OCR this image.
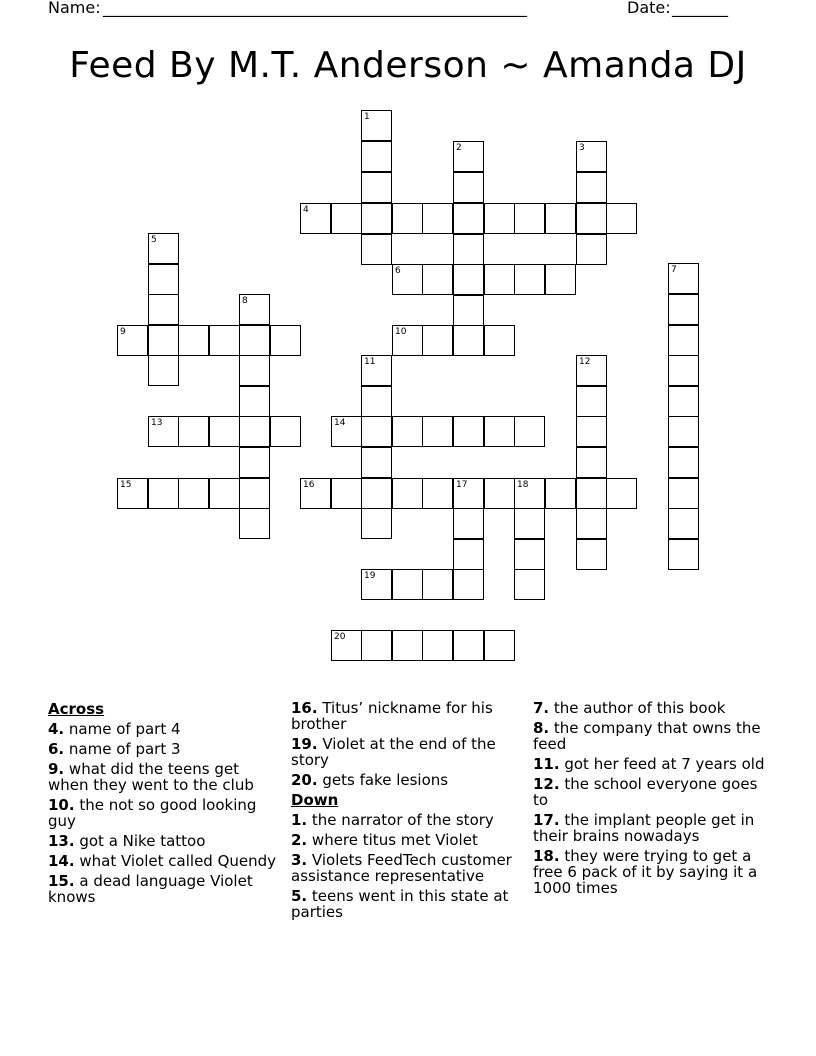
Name: _____________________________________________________	Date: _______
Feed By M.T. Anderson ~ Amanda DJ
1
2	3
4
5
6	7
8
9	10
11	12
13	14
15	16	17	18
19
20
Across
4. name of part 4
6. name of part 3
9. what did the teens get when they went to the club
10. the not so good looking guy
13. got a Nike tattoo
14. what Violet called Quendy
15. a dead language Violet knows
16. Titus’ nickname for his brother
19. Violet at the end of the story
20. gets fake lesions
Down
1. the narrator of the story
2. where titus met Violet
3. Violets FeedTech customer assistance representative
5. teens went in this state at parties
7. the author of this book
8. the company that owns the feed
11. got her feed at 7 years old
12. the school everyone goes to
17. the implant people get in their brains nowadays
18. they were trying to get a free 6 pack of it by saying it a 1000 times
